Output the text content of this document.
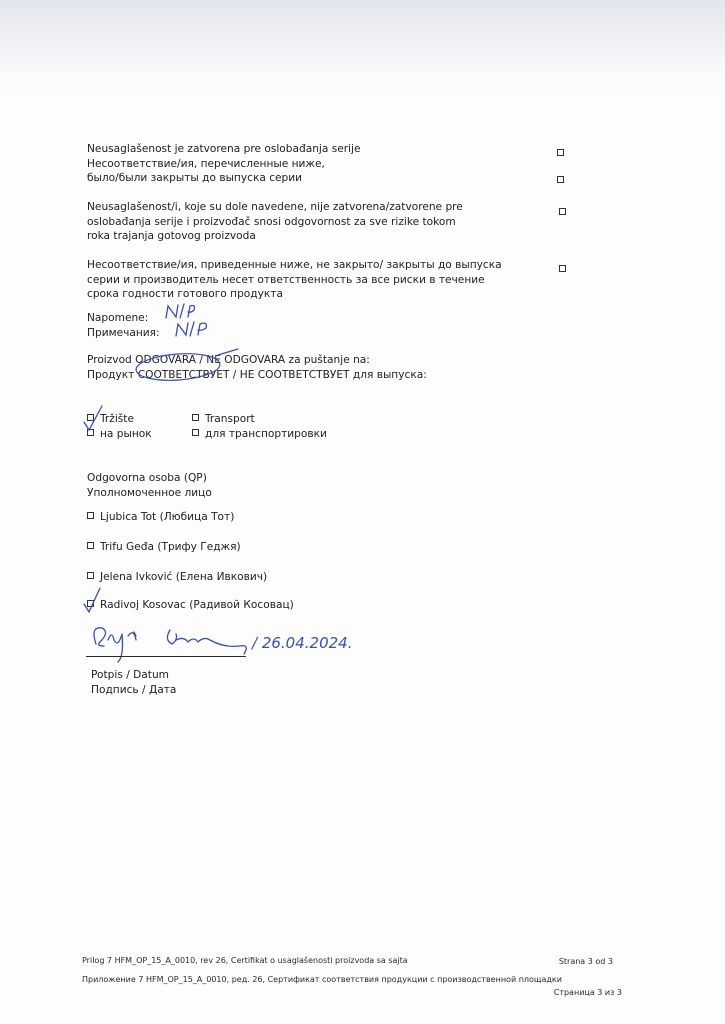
Neusaglašenost je zatvorena pre oslobađanja serije
Несоответствие/ия, перечисленные ниже,
было/были закрыты до выпуска серии
Neusaglašenost/i, koje su dole navedene, nije zatvorena/zatvorene pre
oslobađanja serije i proizvođač snosi odgovornost za sve rizike tokom
roka trajanja gotovog proizvoda
Несоответствие/ия, приведенные ниже, не закрыто/ закрыты до выпуска
серии и производитель несет ответственность за все риски в течение
срока годности готового продукта
Napomene:
Примечания:
Proizvod ODGOVARA / NE ODGOVARA za puštanje na:
Продукт СООТВЕТСТВУЕТ / НЕ СООТВЕТСТВУЕТ для выпуска:
Tržište
на рынок
Transport
для транспортировки
Odgovorna osoba (QP)
Уполномоченное лицо
Ljubica Tot (Любица Тот)
Trifu Geđa (Трифу Геджя)
Jelena Ivković (Елена Ивкович)
Radivoj Kosovac (Радивой Косовац)
/ 26.04.2024.
Potpis / Datum
Подпись / Дата
Prilog 7 HFM_OP_15_A_0010, rev 26, Certifikat o usaglašenosti proizvoda sa sajta	Strana 3 od 3
Приложение 7 HFM_OP_15_A_0010, ред. 26, Сертификат соответствия продукции с производственной площадки
Страница 3 из 3
